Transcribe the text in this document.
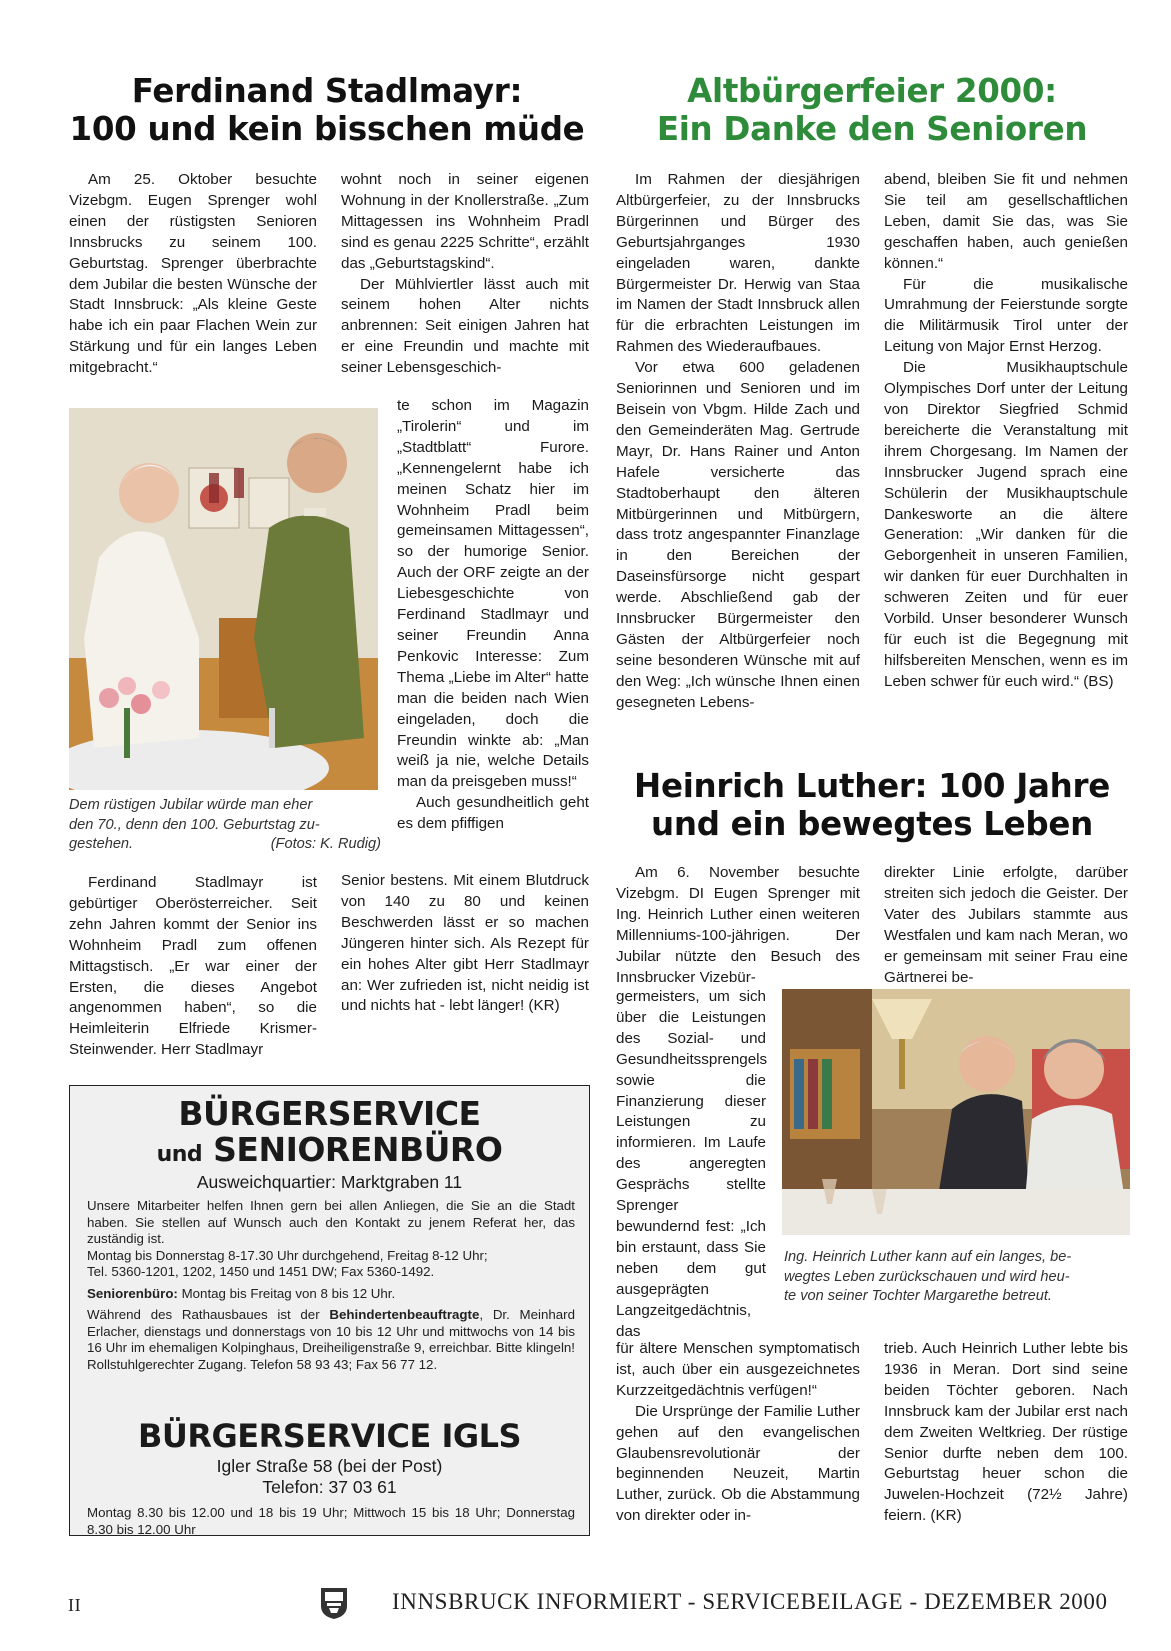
Ferdinand Stadlmayr:
100 und kein bisschen müde

Am 25. Oktober besuchte Vizebgm. Eugen Sprenger wohl einen der rüstigsten Senioren Innsbrucks zu seinem 100. Geburtstag. Sprenger überbrachte dem Jubilar die besten Wünsche der Stadt Innsbruck: „Als kleine Geste habe ich ein paar Flachen Wein zur Stärkung und für ein langes Leben mitgebracht.“

Dem rüstigen Jubilar würde man eher
den 70., denn den 100. Geburtstag zu-
gestehen.	(Fotos: K. Rudig)

Ferdinand Stadlmayr ist gebürtiger Oberösterreicher. Seit zehn Jahren kommt der Senior ins Wohnheim Pradl zum offenen Mittagstisch. „Er war einer der Ersten, die dieses Angebot angenommen haben“, so die Heimleiterin Elfriede Krismer-Steinwender. Herr Stadlmayr

wohnt noch in seiner eigenen Wohnung in der Knollerstraße. „Zum Mittagessen ins Wohnheim Pradl sind es genau 2225 Schritte“, erzählt das „Geburtstagskind“.

Der Mühlviertler lässt auch mit seinem hohen Alter nichts anbrennen: Seit einigen Jahren hat er eine Freundin und machte mit seiner Lebensgeschich-

te schon im Magazin „Tirolerin“ und im „Stadtblatt“ Furore. „Kennengelernt habe ich meinen Schatz hier im Wohnheim Pradl beim gemeinsamen Mittagessen“, so der humorige Senior. Auch der ORF zeigte an der Liebesgeschichte von Ferdinand Stadlmayr und seiner Freundin Anna Penkovic Interesse: Zum Thema „Liebe im Alter“ hatte man die beiden nach Wien eingeladen, doch die Freundin winkte ab: „Man weiß ja nie, welche Details man da preisgeben muss!“

Auch gesundheitlich geht es dem pfiffigen

Senior bestens. Mit einem Blutdruck von 140 zu 80 und keinen Beschwerden lässt er so machen Jüngeren hinter sich. Als Rezept für ein hohes Alter gibt Herr Stadlmayr an: Wer zufrieden ist, nicht neidig ist und nichts hat - lebt länger! (KR)

Altbürgerfeier 2000:
Ein Danke den Senioren

Im Rahmen der diesjährigen Altbürgerfeier, zu der Innsbrucks Bürgerinnen und Bürger des Geburtsjahrganges 1930 eingeladen waren, dankte Bürgermeister Dr. Herwig van Staa im Namen der Stadt Innsbruck allen für die erbrachten Leistungen im Rahmen des Wiederaufbaues.

Vor etwa 600 geladenen Seniorinnen und Senioren und im Beisein von Vbgm. Hilde Zach und den Gemeinderäten Mag. Gertrude Mayr, Dr. Hans Rainer und Anton Hafele versicherte das Stadtoberhaupt den älteren Mitbürgerinnen und Mitbürgern, dass trotz angespannter Finanzlage in den Bereichen der Daseinsfürsorge nicht gespart werde. Abschließend gab der Innsbrucker Bürgermeister den Gästen der Altbürgerfeier noch seine besonderen Wünsche mit auf den Weg: „Ich wünsche Ihnen einen gesegneten Lebens-

abend, bleiben Sie fit und nehmen Sie teil am gesellschaftlichen Leben, damit Sie das, was Sie geschaffen haben, auch genießen können.“

Für die musikalische Umrahmung der Feierstunde sorgte die Militärmusik Tirol unter der Leitung von Major Ernst Herzog.

Die Musikhauptschule Olympisches Dorf unter der Leitung von Direktor Siegfried Schmid bereicherte die Veranstaltung mit ihrem Chorgesang. Im Namen der Innsbrucker Jugend sprach eine Schülerin der Musikhauptschule Dankesworte an die ältere Generation: „Wir danken für die Geborgenheit in unseren Familien, wir danken für euer Durchhalten in schweren Zeiten und für euer Vorbild. Unser besonderer Wunsch für euch ist die Begegnung mit hilfsbereiten Menschen, wenn es im Leben schwer für euch wird.“ (BS)

Heinrich Luther: 100 Jahre
und ein bewegtes Leben

Am 6. November besuchte Vizebgm. DI Eugen Sprenger mit Ing. Heinrich Luther einen weiteren Millenniums-100-jährigen. Der Jubilar nützte den Besuch des Innsbrucker Vizebür-

germeisters, um sich über die Leistungen des Sozial- und Gesundheitssprengels sowie die Finanzierung dieser Leistungen zu informieren. Im Laufe des angeregten Gesprächs stellte Sprenger bewundernd fest: „Ich bin erstaunt, dass Sie neben dem gut ausgeprägten Langzeitgedächtnis, das

für ältere Menschen symptomatisch ist, auch über ein ausgezeichnetes Kurzzeitgedächtnis verfügen!“

Die Ursprünge der Familie Luther gehen auf den evangelischen Glaubensrevolutionär der beginnenden Neuzeit, Martin Luther, zurück. Ob die Abstammung von direkter oder in-

direkter Linie erfolgte, darüber streiten sich jedoch die Geister. Der Vater des Jubilars stammte aus Westfalen und kam nach Meran, wo er gemeinsam mit seiner Frau eine Gärtnerei be-

Ing. Heinrich Luther kann auf ein langes, be-
wegtes Leben zurückschauen und wird heu-
te von seiner Tochter Margarethe betreut.

trieb. Auch Heinrich Luther lebte bis 1936 in Meran. Dort sind seine beiden Töchter geboren. Nach Innsbruck kam der Jubilar erst nach dem Zweiten Weltkrieg. Der rüstige Senior durfte neben dem 100. Geburtstag heuer schon die Juwelen-Hochzeit (72½ Jahre) feiern. (KR)

BÜRGERSERVICE
und SENIORENBÜRO
Ausweichquartier: Marktgraben 11
Unsere Mitarbeiter helfen Ihnen gern bei allen Anliegen, die Sie an die Stadt haben. Sie stellen auf Wunsch auch den Kontakt zu jenem Referat her, das zuständig ist.
Montag bis Donnerstag 8-17.30 Uhr durchgehend, Freitag 8-12 Uhr;
Tel. 5360-1201, 1202, 1450 und 1451 DW; Fax 5360-1492.
Seniorenbüro: Montag bis Freitag von 8 bis 12 Uhr.
Während des Rathausbaues ist der Behindertenbeauftragte, Dr. Meinhard Erlacher, dienstags und donnerstags von 10 bis 12 Uhr und mittwochs von 14 bis 16 Uhr im ehemaligen Kolpinghaus, Dreiheiligenstraße 9, erreichbar. Bitte klingeln! Rollstuhlgerechter Zugang. Telefon 58 93 43; Fax 56 77 12.
BÜRGERSERVICE IGLS
Igler Straße 58 (bei der Post)
Telefon: 37 03 61
Montag 8.30 bis 12.00 und 18 bis 19 Uhr; Mittwoch 15 bis 18 Uhr; Donnerstag 8.30 bis 12.00 Uhr
II	INNSBRUCK INFORMIERT - SERVICEBEILAGE - DEZEMBER 2000
